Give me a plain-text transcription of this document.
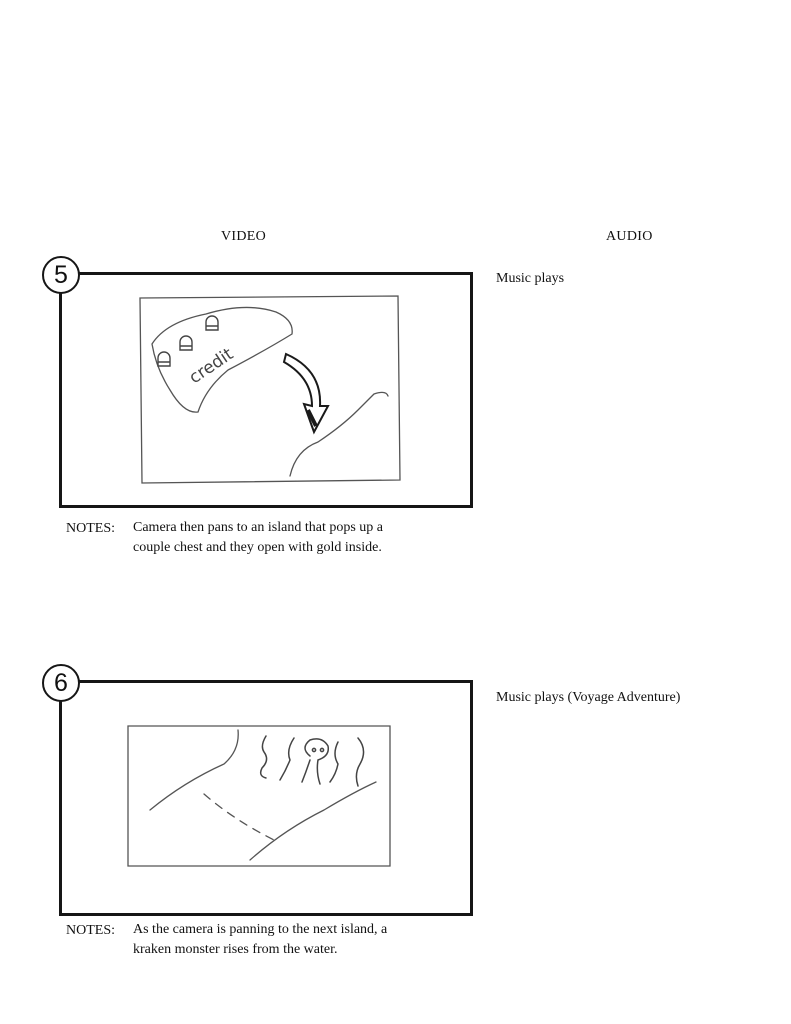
VIDEO	AUDIO
5
credit
Music plays
NOTES: Camera then pans to an island that pops up a
couple chest and they open with gold inside.
6
Music plays (Voyage Adventure)
NOTES: As the camera is panning to the next island, a
kraken monster rises from the water.
